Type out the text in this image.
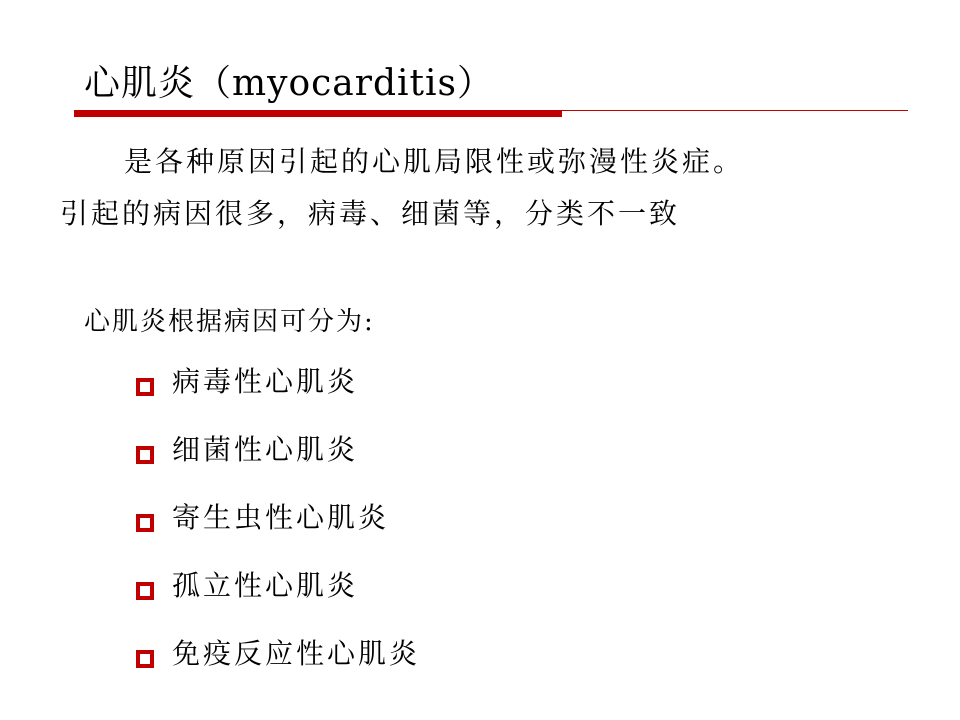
心肌炎（myocarditis）
是各种原因引起的心肌局限性或弥漫性炎症。
引起的病因很多，病毒、细菌等，分类不一致
心肌炎根据病因可分为:
病毒性心肌炎
细菌性心肌炎
寄生虫性心肌炎
孤立性心肌炎
免疫反应性心肌炎
